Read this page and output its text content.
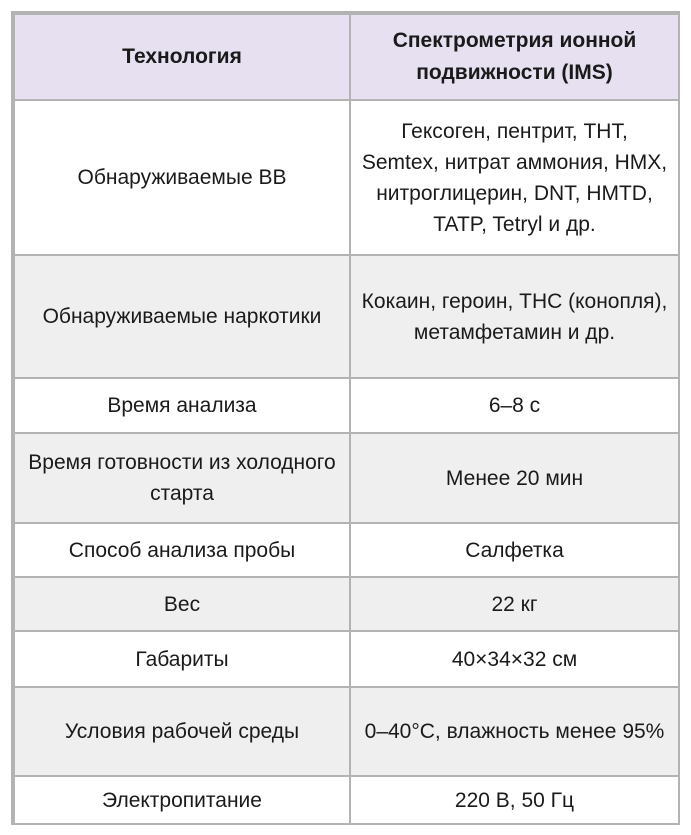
Технология	Спектрометрия ионной подвижности (IMS)
Обнаруживаемые ВВ	Гексоген, пентрит, ТНТ, Semtex, нитрат аммония, HMX, нитроглицерин, DNT, HMTD, TATP, Tetryl и др.
Обнаруживаемые наркотики	Кокаин, героин, THC (конопля), метамфетамин и др.
Время анализа	6–8 с
Время готовности из холодного старта	Менее 20 мин
Способ анализа пробы	Салфетка
Вес	22 кг
Габариты	40×34×32 см
Условия рабочей среды	0–40°C, влажность менее 95%
Электропитание	220 В, 50 Гц
